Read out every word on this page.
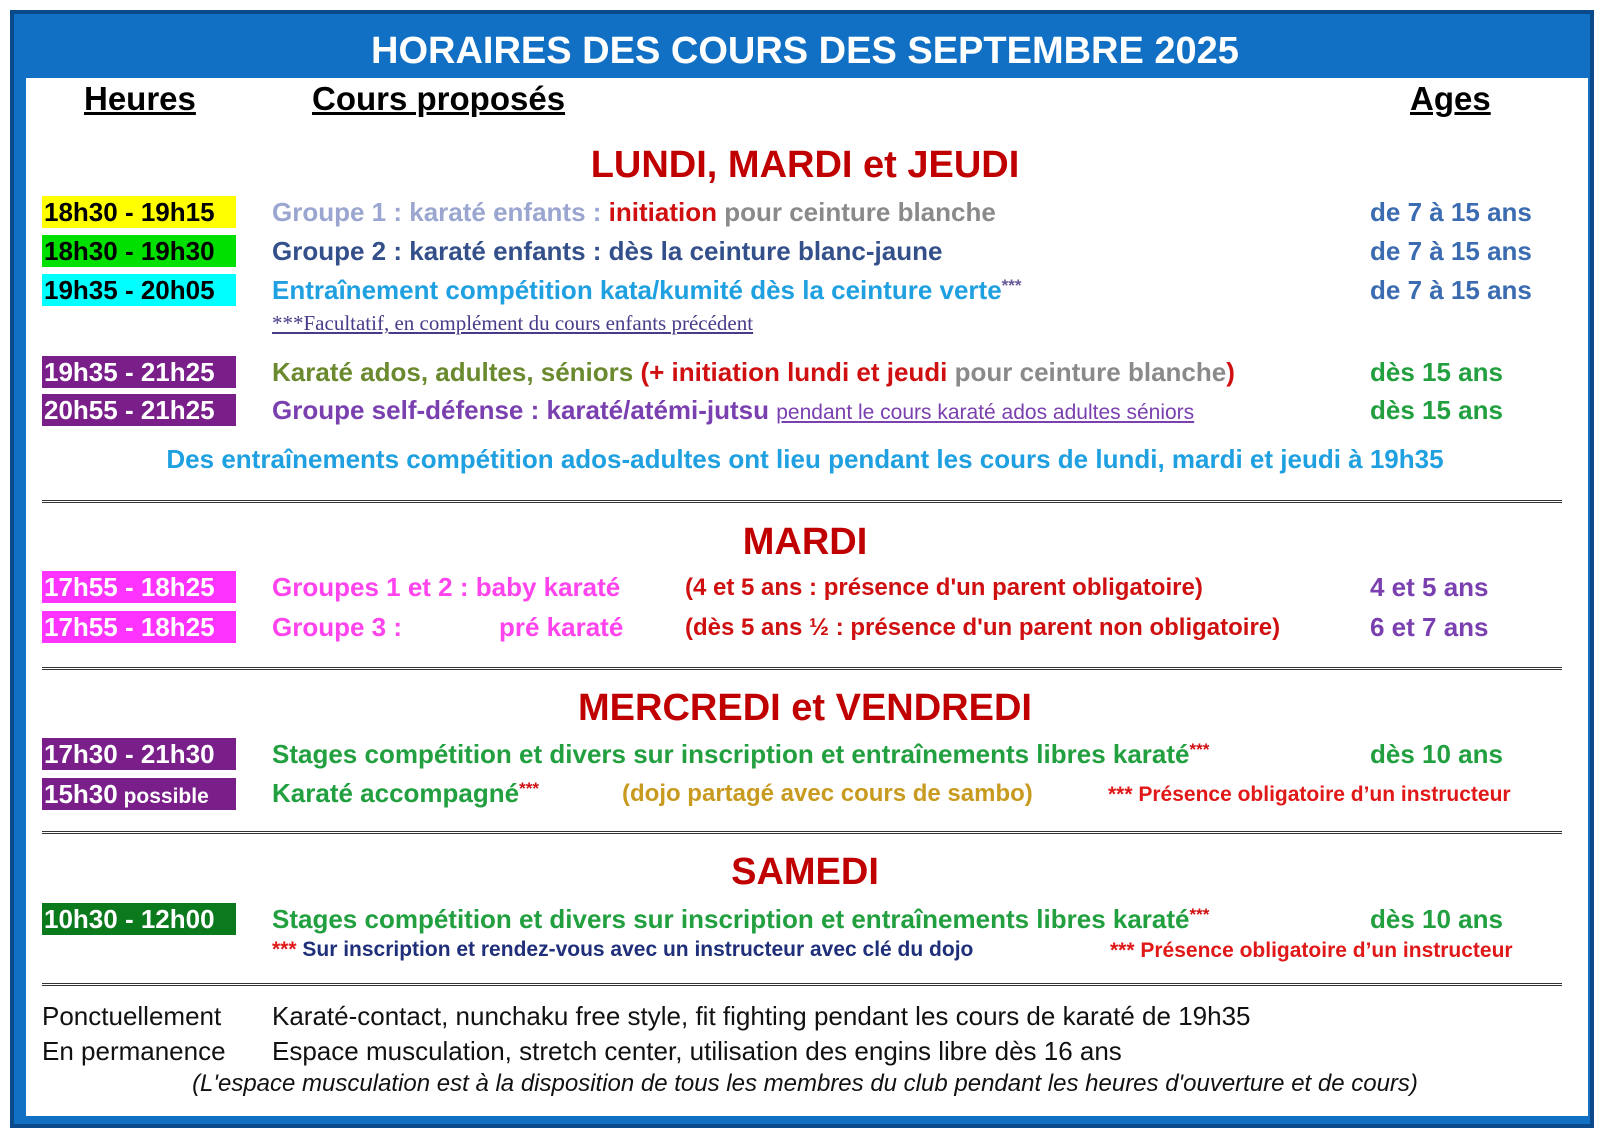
HORAIRES DES COURS DES SEPTEMBRE 2025
Heures	Cours proposés	Ages
LUNDI, MARDI et JEUDI
18h30 - 19h15	Groupe 1 : karaté enfants : initiation pour ceinture blanche	de 7 à 15 ans
18h30 - 19h30	Groupe 2 : karaté enfants : dès la ceinture blanc-jaune	de 7 à 15 ans
19h35 - 20h05	Entraînement compétition kata/kumité dès la ceinture verte***	de 7 à 15 ans
***Facultatif, en complément du cours enfants précédent
19h35 - 21h25	Karaté ados, adultes, séniors (+ initiation lundi et jeudi pour ceinture blanche)	dès 15 ans
20h55 - 21h25	Groupe self-défense : karaté/atémi-jutsu pendant le cours karaté ados adultes séniors	dès 15 ans
Des entraînements compétition ados-adultes ont lieu pendant les cours de lundi, mardi et jeudi à 19h35
MARDI
17h55 - 18h25	Groupes 1 et 2 : baby karaté	(4 et 5 ans : présence d'un parent obligatoire)	4 et 5 ans
17h55 - 18h25	Groupe 3 :	pré karaté	(dès 5 ans ½ : présence d'un parent non obligatoire)	6 et 7 ans
MERCREDI et VENDREDI
17h30 - 21h30	Stages compétition et divers sur inscription et entraînements libres karaté***	dès 10 ans
15h30 possible	Karaté accompagné***	(dojo partagé avec cours de sambo)	*** Présence obligatoire d’un instructeur
SAMEDI
10h30 - 12h00	Stages compétition et divers sur inscription et entraînements libres karaté***	dès 10 ans
*** Sur inscription et rendez-vous avec un instructeur avec clé du dojo	*** Présence obligatoire d’un instructeur
Ponctuellement Karaté-contact, nunchaku free style, fit fighting pendant les cours de karaté de 19h35
En permanence Espace musculation, stretch center, utilisation des engins libre dès 16 ans
(L'espace musculation est à la disposition de tous les membres du club pendant les heures d'ouverture et de cours)
